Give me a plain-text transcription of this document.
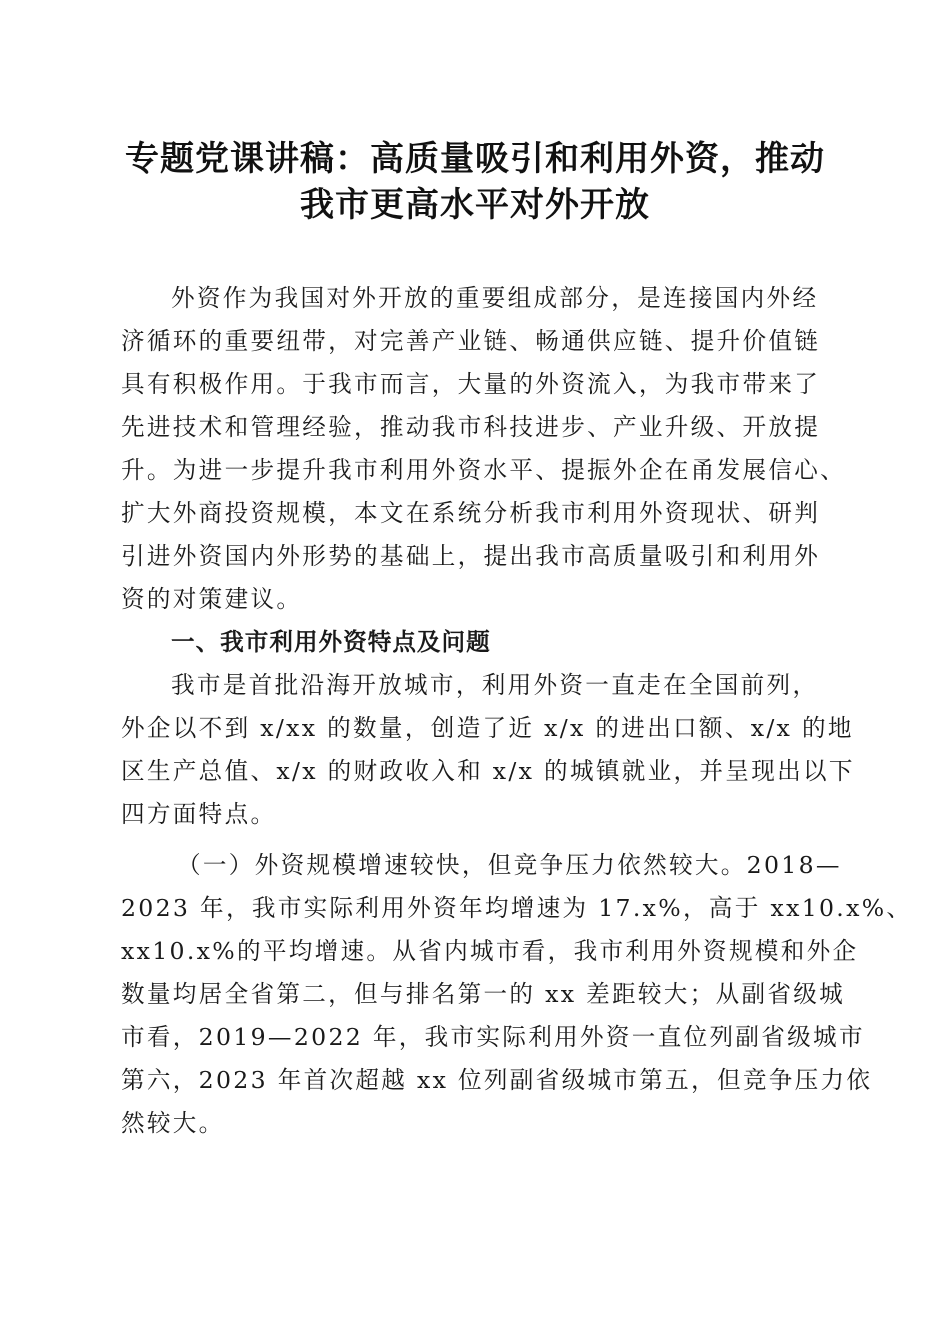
专题党课讲稿：高质量吸引和利用外资，推动
我市更高水平对外开放
外资作为我国对外开放的重要组成部分，是连接国内外经
济循环的重要纽带，对完善产业链、畅通供应链、提升价值链
具有积极作用。于我市而言，大量的外资流入，为我市带来了
先进技术和管理经验，推动我市科技进步、产业升级、开放提
升。为进一步提升我市利用外资水平、提振外企在甬发展信心、
扩大外商投资规模，本文在系统分析我市利用外资现状、研判
引进外资国内外形势的基础上，提出我市高质量吸引和利用外
资的对策建议。
一、我市利用外资特点及问题
我市是首批沿海开放城市，利用外资一直走在全国前列，
外企以不到 x/xx 的数量，创造了近 x/x 的进出口额、x/x 的地
区生产总值、x/x 的财政收入和 x/x 的城镇就业，并呈现出以下
四方面特点。
（一）外资规模增速较快，但竞争压力依然较大。2018—
2023 年，我市实际利用外资年均增速为 17.x%，高于 xx10.x%、
xx10.x%的平均增速。从省内城市看，我市利用外资规模和外企
数量均居全省第二，但与排名第一的 xx 差距较大；从副省级城
市看，2019—2022 年，我市实际利用外资一直位列副省级城市
第六，2023 年首次超越 xx 位列副省级城市第五，但竞争压力依
然较大。
